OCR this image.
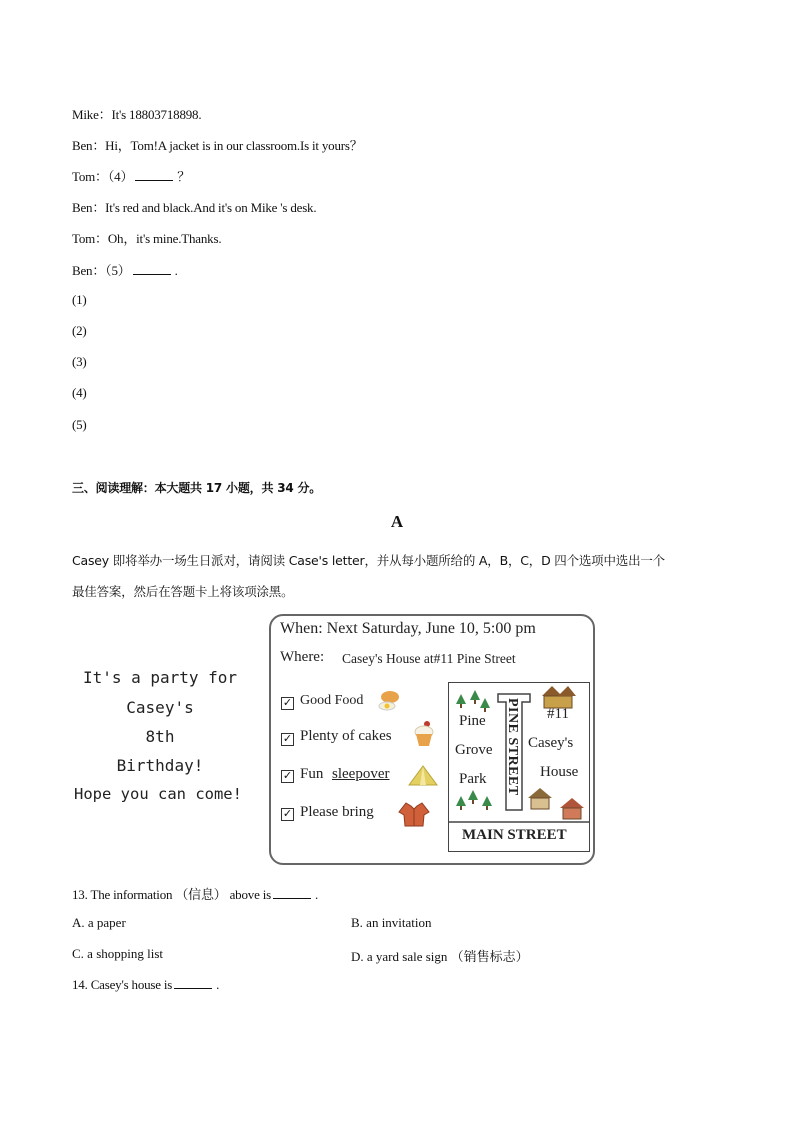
Mike：It's 18803718898.
Ben：Hi，Tom!A jacket is in our classroom.Is it yours？
Tom：（4）	？
Ben：It's red and black.And it's on Mike 's desk.
Tom：Oh，it's mine.Thanks.
Ben：（5）	.
(1)
(2)
(3)
(4)
(5)
三、阅读理解：本大题共 17 小题，共 34 分。
A
Casey 即将举办一场生日派对，请阅读 Case's letter，并从每小题所给的 A，B，C，D 四个选项中选出一个
最佳答案，然后在答题卡上将该项涂黑。
It's a party for
Casey's
8th
Birthday!
Hope you can come!
When: Next Saturday, June 10, 5:00 pm
Where: Casey's House at#11 Pine Street
✓ Good Food
✓ Plenty of cakes
✓ Fun sleepover
✓ Please bring
Pine
Grove
Park PINE STREET #11
Casey's
House
MAIN STREET
13. The information （信息） above is	.
A. a paper	B. an invitation
C. a shopping list	D. a yard sale sign （销售标志）
14. Casey's house is	.
